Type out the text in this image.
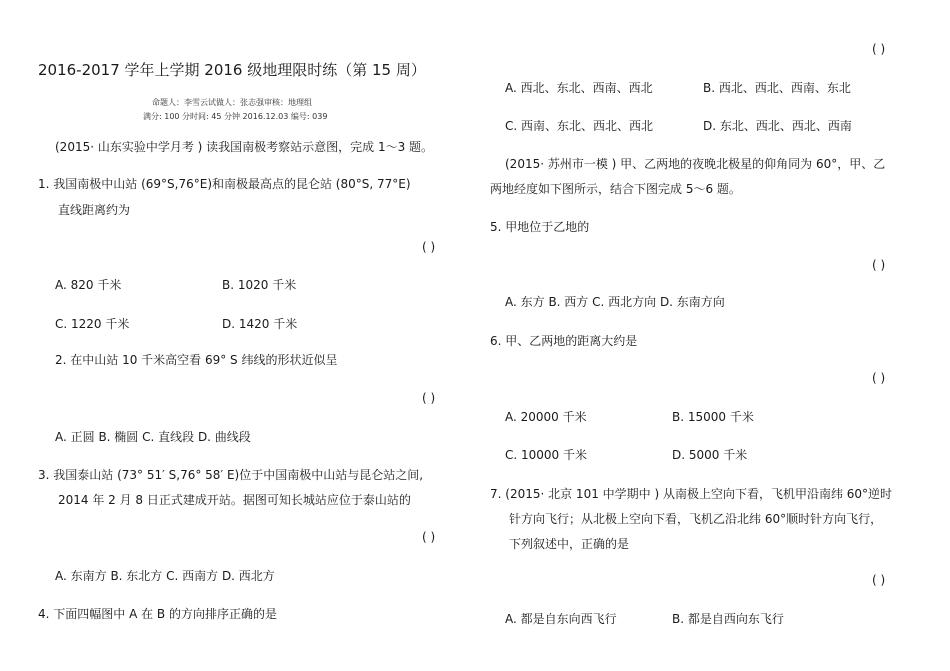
( )
2016-2017 学年上学期 2016 级地理限时练（第 15 周）
命题人：李雪云试做人：张志强审核：地理组
满分: 100 分时间: 45 分钟 2016.12.03 编号: 039
(2015· 山东实验中学月考 ) 读我国南极考察站示意图，完成 1～3 题。
1. 我国南极中山站 (69°S,76°E)和南极最高点的昆仑站 (80°S, 77°E)
直线距离约为
( )
A. 820 千米	B. 1020 千米
C. 1220 千米	D. 1420 千米
2. 在中山站 10 千米高空看 69° S 纬线的形状近似呈
( )
A. 正圆 B. 椭圆 C. 直线段 D. 曲线段
3. 我国泰山站 (73° 51′ S,76° 58′ E)位于中国南极中山站与昆仑站之间,
2014 年 2 月 8 日正式建成开站。据图可知长城站应位于泰山站的
( )
A. 东南方 B. 东北方 C. 西南方 D. 西北方
4. 下面四幅图中 A 在 B 的方向排序正确的是
A. 西北、东北、西南、西北	B. 西北、西北、西南、东北
C. 西南、东北、西北、西北	D. 东北、西北、西北、西南
(2015· 苏州市一模 ) 甲、乙两地的夜晚北极星的仰角同为 60°，甲、乙
两地经度如下图所示，结合下图完成 5～6 题。
5. 甲地位于乙地的
( )
A. 东方 B. 西方 C. 西北方向 D. 东南方向
6. 甲、乙两地的距离大约是
( )
A. 20000 千米	B. 15000 千米
C. 10000 千米	D. 5000 千米
7. (2015· 北京 101 中学期中 ) 从南极上空向下看，飞机甲沿南纬 60°逆时
针方向飞行；从北极上空向下看，飞机乙沿北纬 60°顺时针方向飞行，
下列叙述中，正确的是
( )
A. 都是自东向西飞行	B. 都是自西向东飞行
